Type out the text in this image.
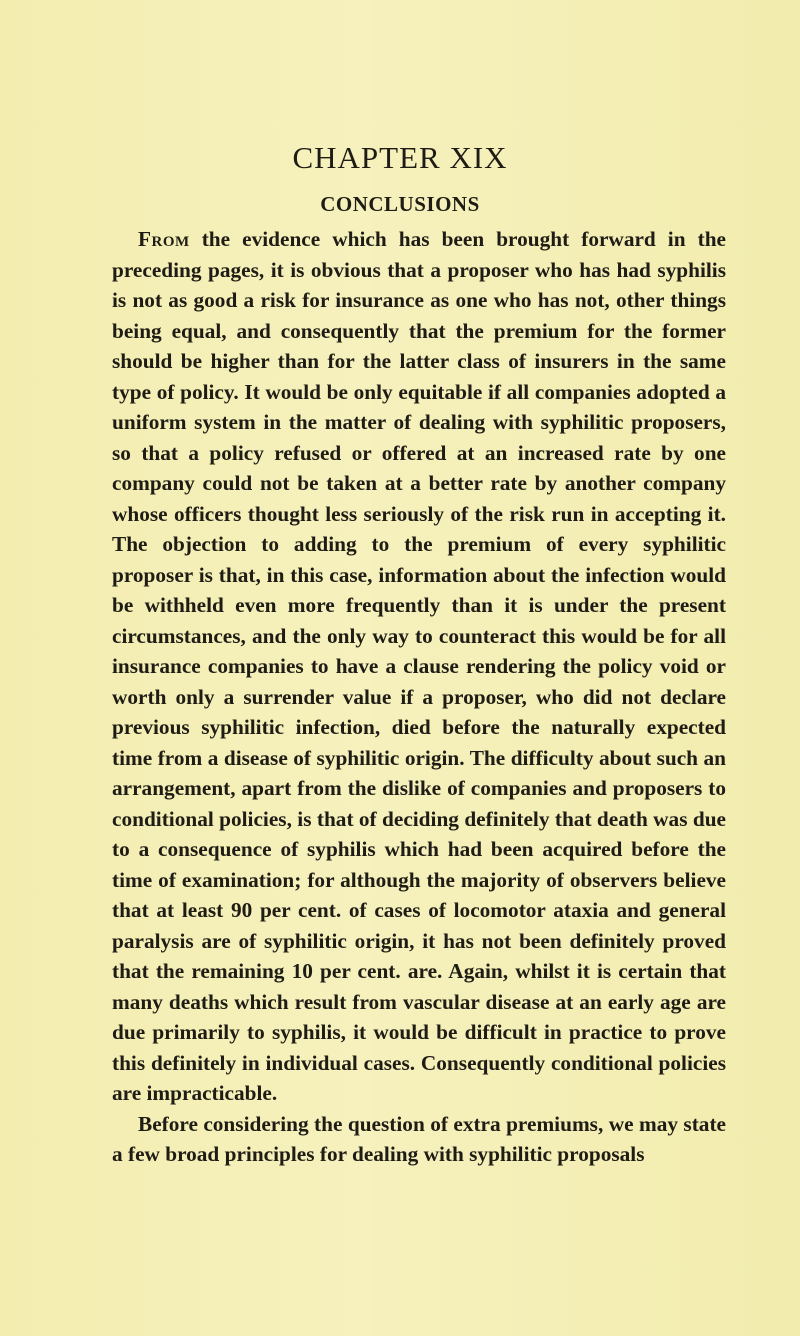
CHAPTER XIX
CONCLUSIONS

From the evidence which has been brought forward in the preceding pages, it is obvious that a proposer who has had syphilis is not as good a risk for insurance as one who has not, other things being equal, and consequently that the premium for the former should be higher than for the latter class of insurers in the same type of policy. It would be only equitable if all companies adopted a uniform system in the matter of dealing with syphilitic proposers, so that a policy refused or offered at an increased rate by one company could not be taken at a better rate by another company whose officers thought less seriously of the risk run in accepting it. The objection to adding to the premium of every syphilitic proposer is that, in this case, information about the infection would be withheld even more frequently than it is under the present circumstances, and the only way to counteract this would be for all insurance companies to have a clause rendering the policy void or worth only a surrender value if a proposer, who did not declare previous syphilitic infection, died before the naturally expected time from a disease of syphilitic origin. The difficulty about such an arrangement, apart from the dislike of companies and proposers to conditional policies, is that of deciding definitely that death was due to a consequence of syphilis which had been acquired before the time of examination; for although the majority of observers believe that at least 90 per cent. of cases of locomotor ataxia and general paralysis are of syphilitic origin, it has not been definitely proved that the remaining 10 per cent. are. Again, whilst it is certain that many deaths which result from vascular disease at an early age are due primarily to syphilis, it would be difficult in practice to prove this definitely in individual cases. Consequently conditional policies are impracticable.

Before considering the question of extra premiums, we may state a few broad principles for dealing with syphilitic proposals
